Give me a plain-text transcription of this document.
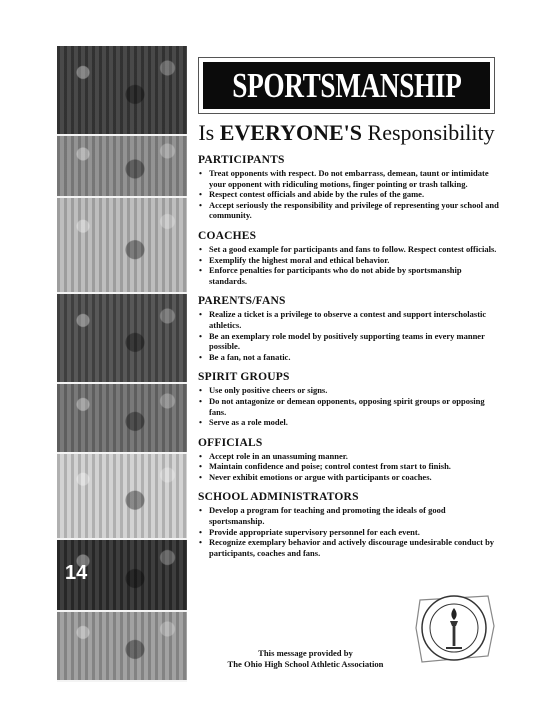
14
SPORTSMANSHIP
Is EVERYONE'S Responsibility
PARTICIPANTS
• Treat opponents with respect. Do not embarrass, demean, taunt or intimidate your opponent with ridiculing motions, finger pointing or trash talking.
• Respect contest officials and abide by the rules of the game.
• Accept seriously the responsibility and privilege of representing your school and community.
COACHES
• Set a good example for participants and fans to follow. Respect contest officials.
• Exemplify the highest moral and ethical behavior.
• Enforce penalties for participants who do not abide by sportsmanship standards.
PARENTS/FANS
• Realize a ticket is a privilege to observe a contest and support interscholastic athletics.
• Be an exemplary role model by positively supporting teams in every manner possible.
• Be a fan, not a fanatic.
SPIRIT GROUPS
• Use only positive cheers or signs.
• Do not antagonize or demean opponents, opposing spirit groups or opposing fans.
• Serve as a role model.
OFFICIALS
• Accept role in an unassuming manner.
• Maintain confidence and poise; control contest from start to finish.
• Never exhibit emotions or argue with participants or coaches.
SCHOOL ADMINISTRATORS
• Develop a program for teaching and promoting the ideals of good sportsmanship.
• Provide appropriate supervisory personnel for each event.
• Recognize exemplary behavior and actively discourage undesirable conduct by participants, coaches and fans.
This message provided by
The Ohio High School Athletic Association
